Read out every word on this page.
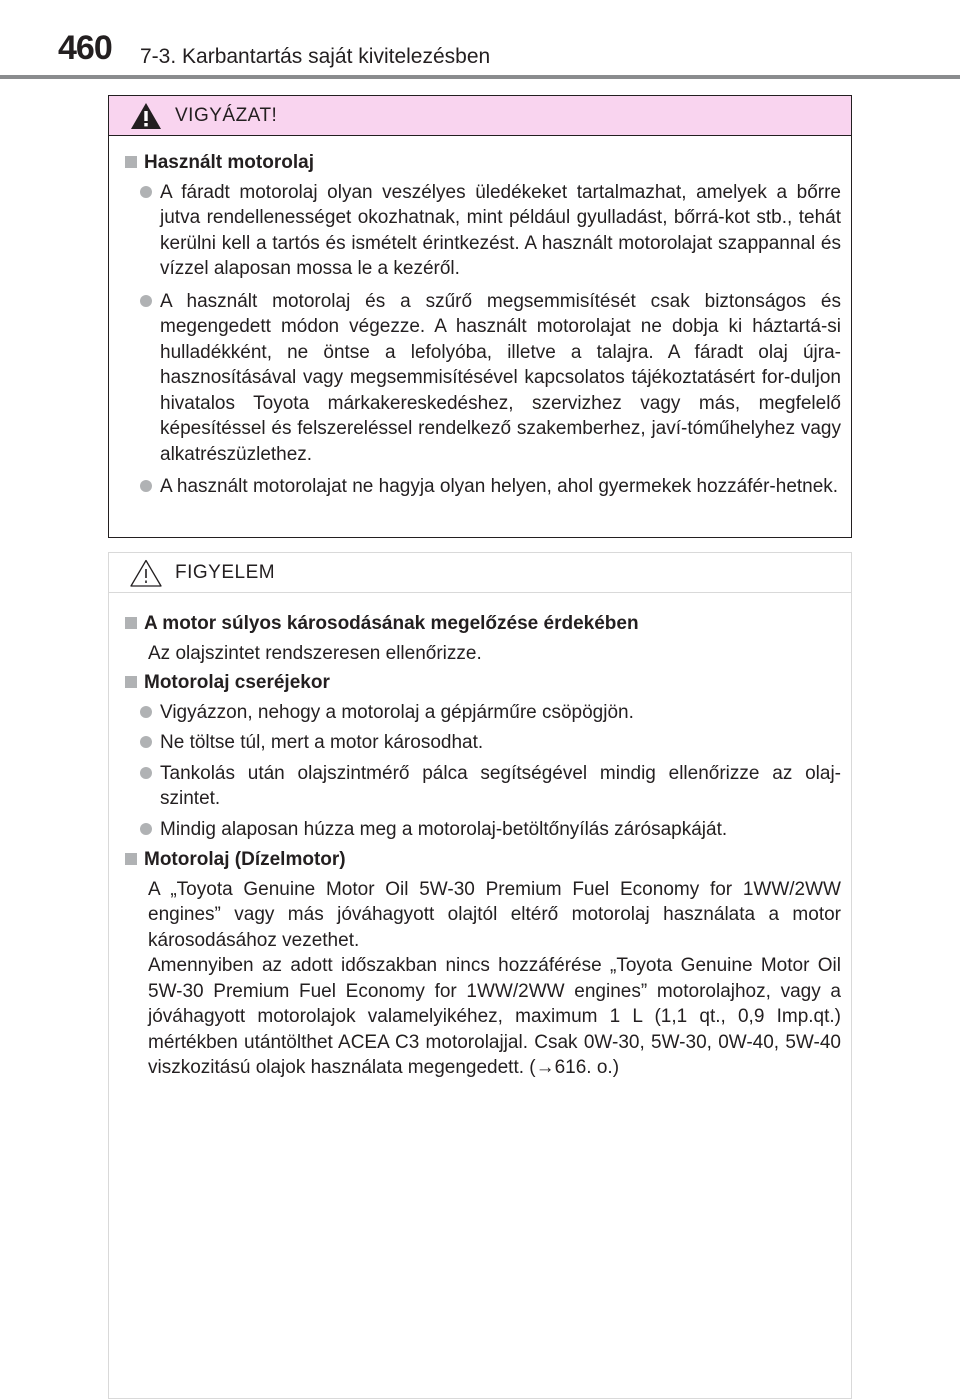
460 7-3. Karbantartás saját kivitelezésben
VIGYÁZAT!
Használt motorolaj
A fáradt motorolaj olyan veszélyes üledékeket tartalmazhat, amelyek a bőrre jutva rendellenességet okozhatnak, mint például gyulladást, bőrrá-kot stb., tehát kerülni kell a tartós és ismételt érintkezést. A használt motorolajat szappannal és vízzel alaposan mossa le a kezéről.
A használt motorolaj és a szűrő megsemmisítését csak biztonságos és megengedett módon végezze. A használt motorolajat ne dobja ki háztartá-si hulladékként, ne öntse a lefolyóba, illetve a talajra. A fáradt olaj újra-hasznosításával vagy megsemmisítésével kapcsolatos tájékoztatásért for-duljon hivatalos Toyota márkakereskedéshez, szervizhez vagy más, megfelelő képesítéssel és felszereléssel rendelkező szakemberhez, javí-tóműhelyhez vagy alkatrészüzlethez.
A használt motorolajat ne hagyja olyan helyen, ahol gyermekek hozzáfér-hetnek.
FIGYELEM
A motor súlyos károsodásának megelőzése érdekében
Az olajszintet rendszeresen ellenőrizze.
Motorolaj cseréjekor
Vigyázzon, nehogy a motorolaj a gépjárműre csöpögjön.
Ne töltse túl, mert a motor károsodhat.
Tankolás után olajszintmérő pálca segítségével mindig ellenőrizze az olaj-szintet.
Mindig alaposan húzza meg a motorolaj-betöltőnyílás zárósapkáját.
Motorolaj (Dízelmotor)
A „Toyota Genuine Motor Oil 5W-30 Premium Fuel Economy for 1WW/2WW engines” vagy más jóváhagyott olajtól eltérő motorolaj használata a motor károsodásához vezethet.
Amennyiben az adott időszakban nincs hozzáférése „Toyota Genuine Motor Oil 5W-30 Premium Fuel Economy for 1WW/2WW engines” motorolajhoz, vagy a jóváhagyott motorolajok valamelyikéhez, maximum 1 L (1,1 qt., 0,9 Imp.qt.) mértékben utántölthet ACEA C3 motorolajjal. Csak 0W-30, 5W-30, 0W-40, 5W-40 viszkozitású olajok használata megengedett. (→616. o.)
